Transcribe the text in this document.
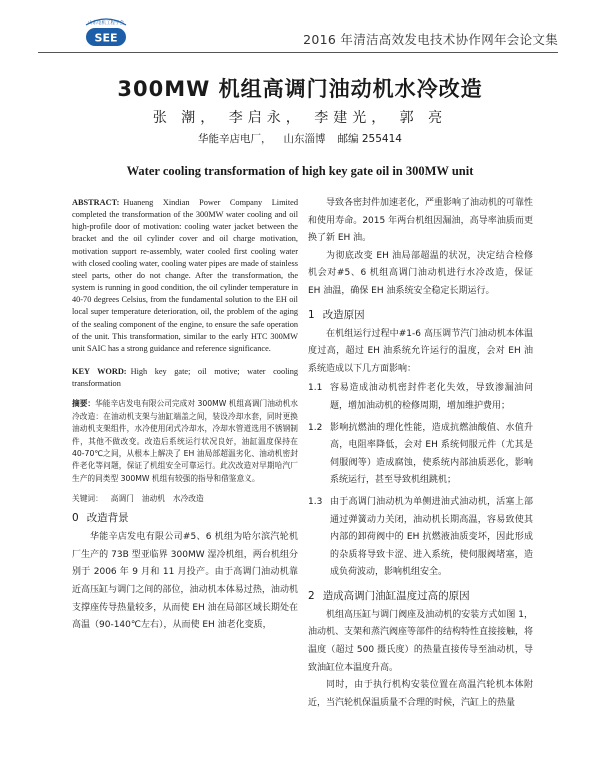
山东电机工程学会
SEE	2016 年清洁高效发电技术协作网年会论文集
300MW 机组高调门油动机水冷改造
张 潮， 李启永， 李建光， 郭 亮
华能辛店电厂， 山东淄博 邮编 255414
Water cooling transformation of high key gate oil in 300MW unit

ABSTRACT: Huaneng Xindian Power Company Limited completed the transformation of the 300MW water cooling and oil high-profile door of motivation: cooling water jacket between the bracket and the oil cylinder cover and oil charge motivation, motivation support re-assembly, water cooled first cooling water with closed cooling water, cooling water pipes are made of stainless steel parts, other do not change. After the transformation, the system is running in good condition, the oil cylinder temperature in 40-70 degrees Celsius, from the fundamental solution to the EH oil local super temperature deterioration, oil, the problem of the aging of the sealing component of the engine, to ensure the safe operation of the unit. This transformation, similar to the early HTC 300MW unit SAIC has a strong guidance and reference significance.

KEY WORD: High key gate; oil motive; water cooling transformation

摘要：华能辛店发电有限公司完成对 300MW 机组高调门油动机水冷改造：在油动机支架与油缸端盖之间，装设冷却水套，同时更换油动机支架组件，水冷使用闭式冷却水，冷却水管道选用不锈钢制件，其他不做改变。改造后系统运行状况良好，油缸温度保持在40-70℃之间，从根本上解决了 EH 油局部超温劣化、油动机密封件老化等问题，保证了机组安全可靠运行。此次改造对早期哈汽厂生产的同类型 300MW 机组有较强的指导和借鉴意义。

关键词： 高调门 油动机 水冷改造
0 改造背景

华能辛店发电有限公司#5、6 机组为哈尔滨汽轮机厂生产的 73B 型亚临界 300MW 湿冷机组，两台机组分别于 2006 年 9 月和 11 月投产。由于高调门油动机靠近高压缸与调门之间的部位，油动机本体易过热，油动机支撑座传导热量较多，从而使 EH 油在局部区域长期处在高温（90-140℃左右），从而使 EH 油老化变质，

导致各密封件加速老化，严重影响了油动机的可靠性和使用寿命。2015 年两台机组因漏油，高导率油质而更换了新 EH 油。

为彻底改变 EH 油局部超温的状况，决定结合检修机会对#5、6 机组高调门油动机进行水冷改造，保证 EH 油温，确保 EH 油系统安全稳定长期运行。

1 改造原因

在机组运行过程中#1-6 高压调节汽门油动机本体温度过高，超过 EH 油系统允许运行的温度，会对 EH 油系统造成以下几方面影响：

1.1 容易造成油动机密封件老化失效，导致渗漏油问题，增加油动机的检修周期，增加维护费用；
1.2 影响抗燃油的理化性能，造成抗燃油酸值、水值升高，电阻率降低，会对 EH 系统伺服元件（尤其是伺服阀等）造成腐蚀，使系统内部油质恶化，影响系统运行，甚至导致机组跳机；
1.3 由于高调门油动机为单侧进油式油动机，活塞上部通过弹簧动力关闭，油动机长期高温，容易致使其内部的卸荷阀中的 EH 抗燃液油质变坏，因此形成的杂质将导致卡涩、进入系统，使伺服阀堵塞，造成负荷波动，影响机组安全。
2 造成高调门油缸温度过高的原因

机组高压缸与调门阀座及油动机的安装方式如图 1，油动机、支架和蒸汽阀座等部件的结构特性直接接触，将温度（超过 500 摄氏度）的热量直接传导至油动机，导致油缸位本温度升高。

同时，由于执行机构安装位置在高温汽轮机本体附近，当汽轮机保温质量不合理的时候，汽缸上的热量
